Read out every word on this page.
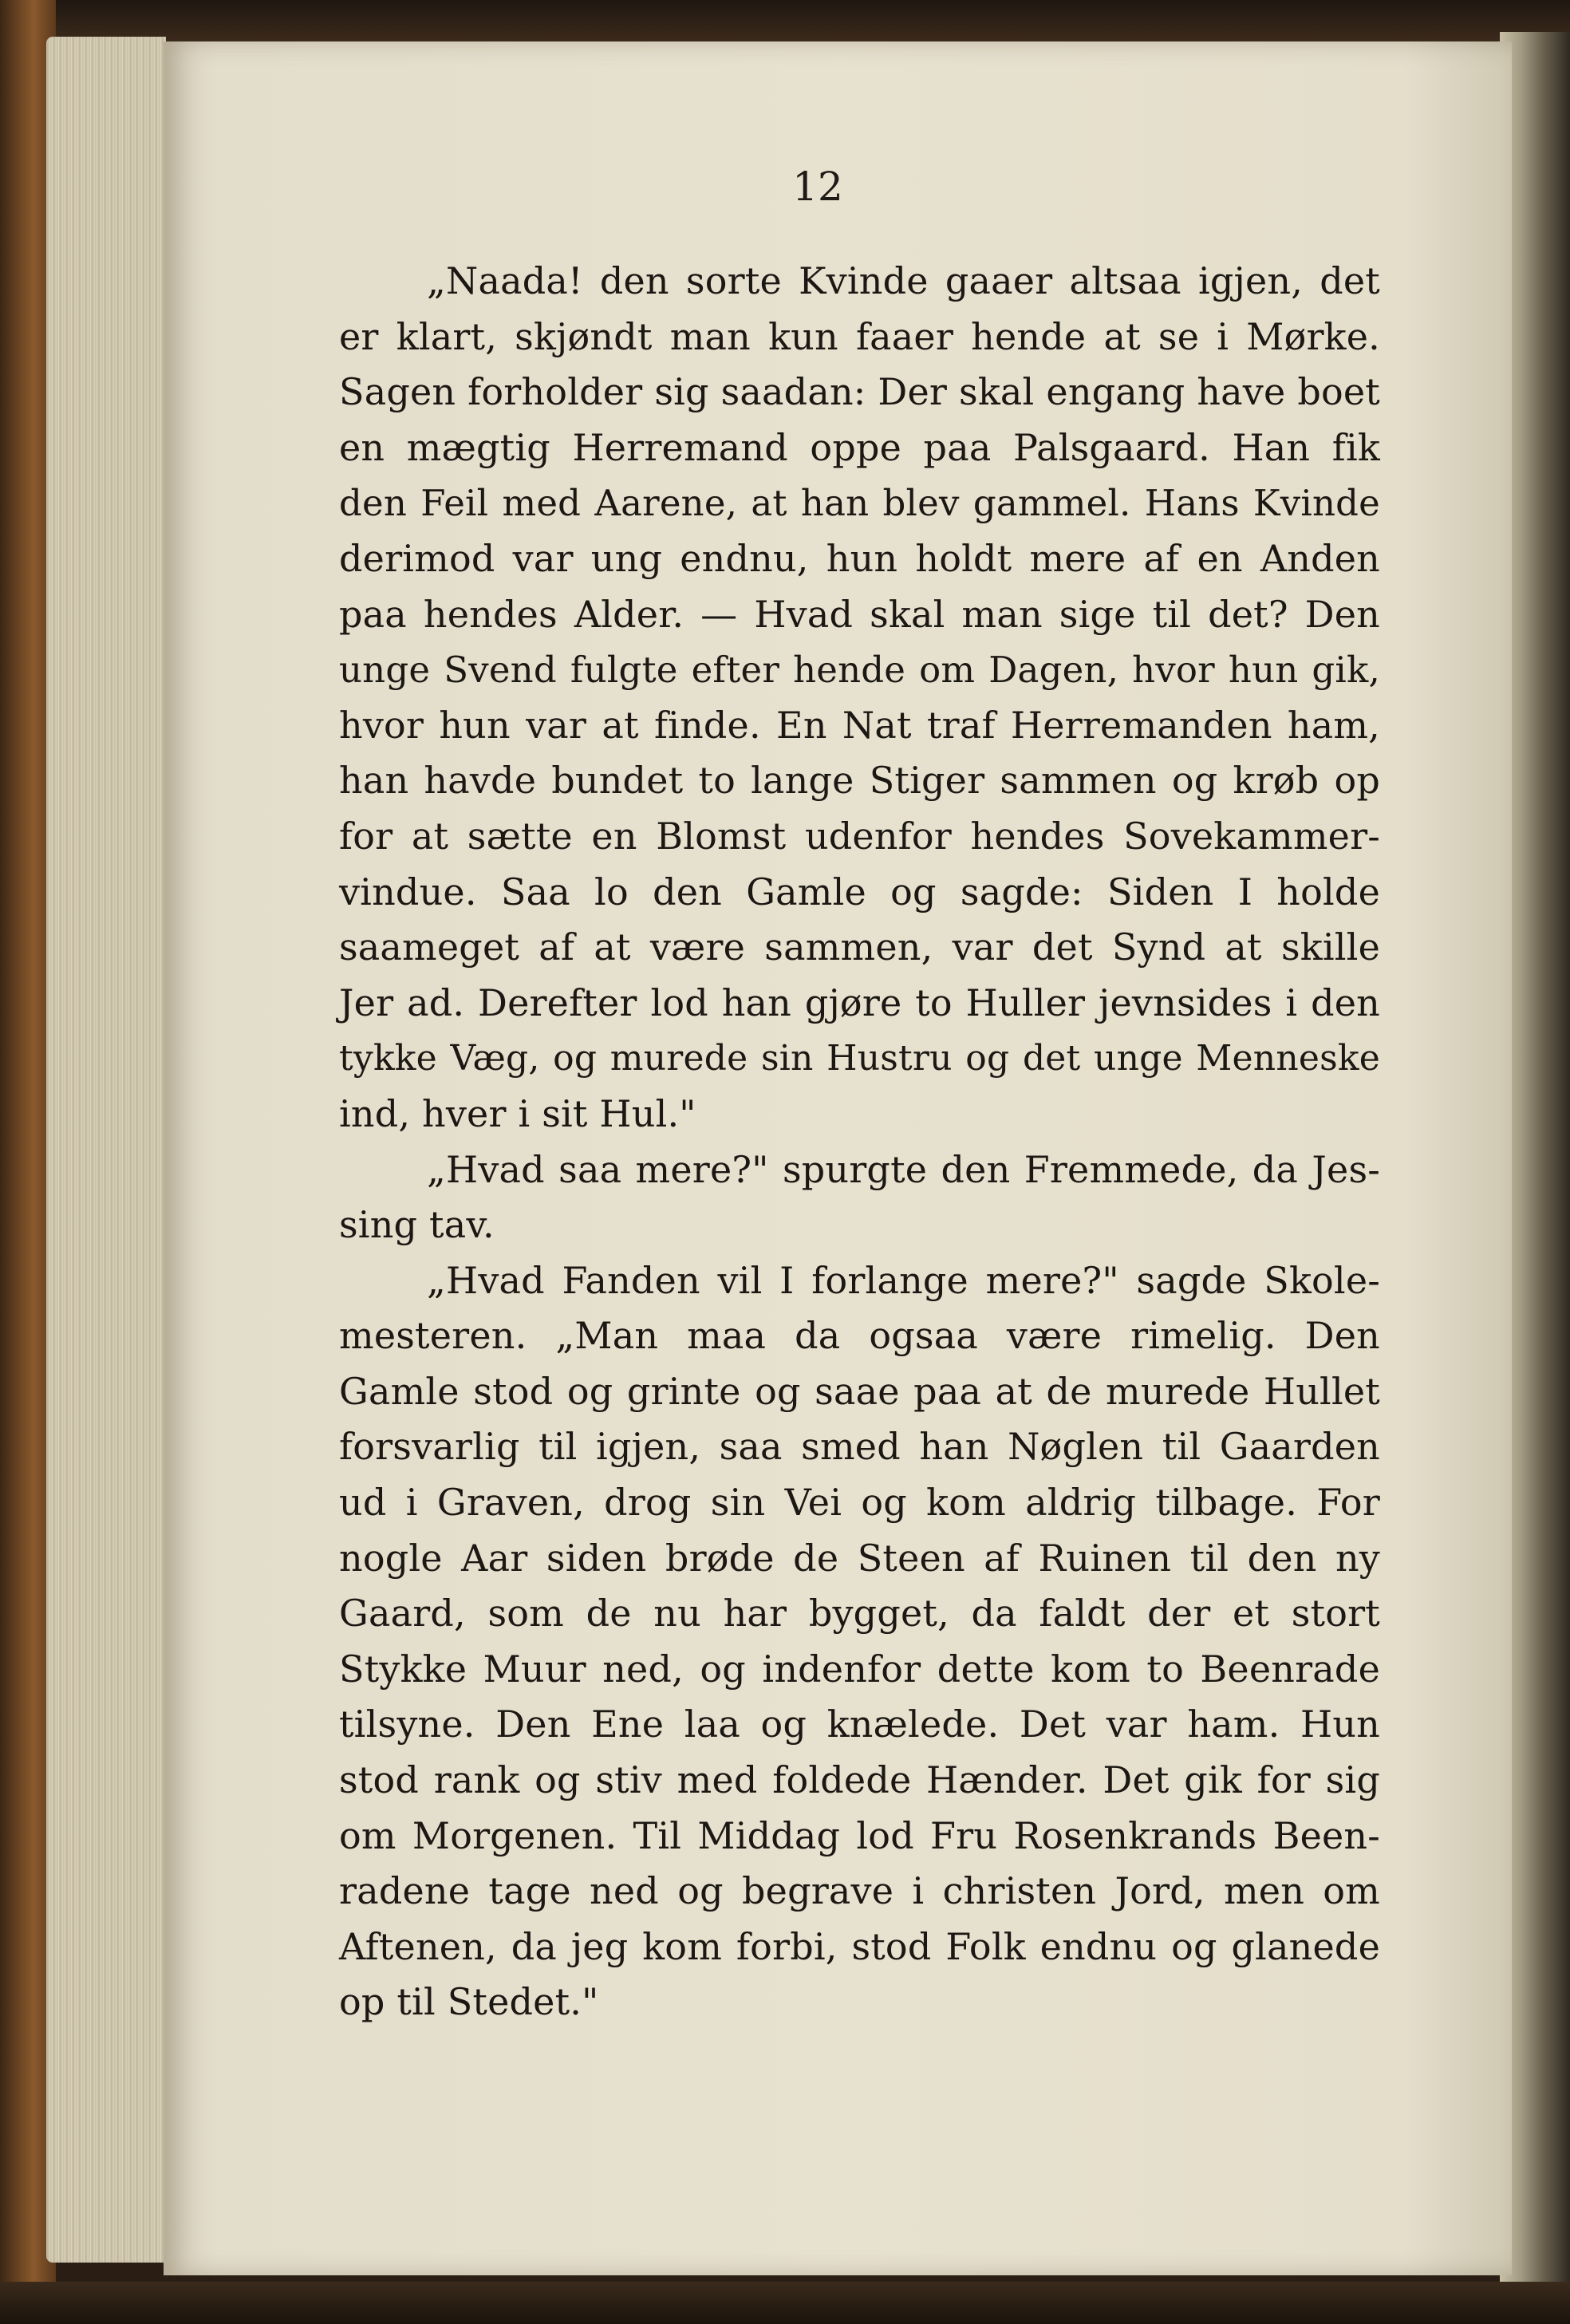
12
„Naada! den sorte Kvinde gaaer altsaa igjen, det
er klart, skjøndt man kun faaer hende at se i Mørke.
Sagen forholder sig saadan: Der skal engang have boet
en mægtig Herremand oppe paa Palsgaard. Han fik
den Feil med Aarene, at han blev gammel. Hans Kvinde
derimod var ung endnu, hun holdt mere af en Anden
paa hendes Alder. — Hvad skal man sige til det? Den
unge Svend fulgte efter hende om Dagen, hvor hun gik,
hvor hun var at finde. En Nat traf Herremanden ham,
han havde bundet to lange Stiger sammen og krøb op
for at sætte en Blomst udenfor hendes Sovekammer-
vindue. Saa lo den Gamle og sagde: Siden I holde
saameget af at være sammen, var det Synd at skille
Jer ad. Derefter lod han gjøre to Huller jevnsides i den
tykke Væg, og murede sin Hustru og det unge Menneske
ind, hver i sit Hul."
„Hvad saa mere?" spurgte den Fremmede, da Jes-
sing tav.
„Hvad Fanden vil I forlange mere?" sagde Skole-
mesteren. „Man maa da ogsaa være rimelig. Den
Gamle stod og grinte og saae paa at de murede Hullet
forsvarlig til igjen, saa smed han Nøglen til Gaarden
ud i Graven, drog sin Vei og kom aldrig tilbage. For
nogle Aar siden brøde de Steen af Ruinen til den ny
Gaard, som de nu har bygget, da faldt der et stort
Stykke Muur ned, og indenfor dette kom to Beenrade
tilsyne. Den Ene laa og knælede. Det var ham. Hun
stod rank og stiv med foldede Hænder. Det gik for sig
om Morgenen. Til Middag lod Fru Rosenkrands Been-
radene tage ned og begrave i christen Jord, men om
Aftenen, da jeg kom forbi, stod Folk endnu og glanede
op til Stedet."
